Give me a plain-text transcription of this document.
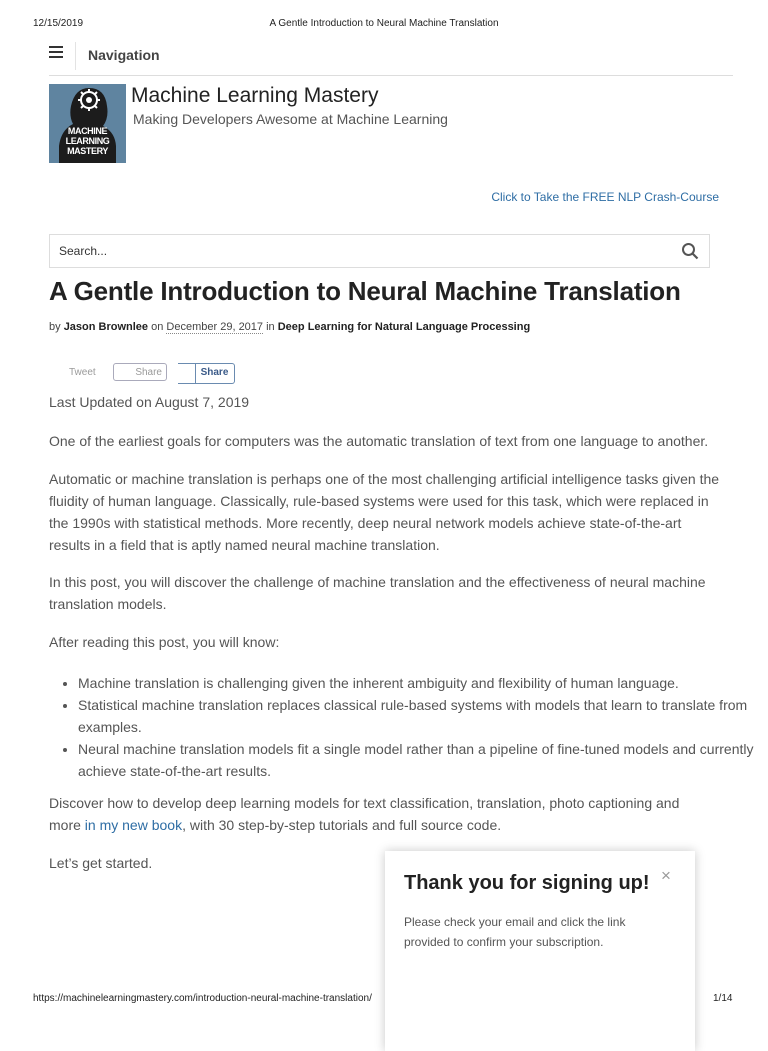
12/15/2019	A Gentle Introduction to Neural Machine Translation
Navigation
MACHINE
LEARNING
MASTERY
Machine Learning Mastery
Making Developers Awesome at Machine Learning
Click to Take the FREE NLP Crash-Course
Search...
A Gentle Introduction to Neural Machine Translation
by Jason Brownlee on December 29, 2017 in Deep Learning for Natural Language Processing
Tweet	Share	Share

Last Updated on August 7, 2019

One of the earliest goals for computers was the automatic translation of text from one language to another.

Automatic or machine translation is perhaps one of the most challenging artificial intelligence tasks given the fluidity of human language. Classically, rule-based systems were used for this task, which were replaced in the 1990s with statistical methods. More recently, deep neural network models achieve state-of-the-art results in a field that is aptly named neural machine translation.

In this post, you will discover the challenge of machine translation and the effectiveness of neural machine translation models.

After reading this post, you will know:

• Machine translation is challenging given the inherent ambiguity and flexibility of human language.
• Statistical machine translation replaces classical rule-based systems with models that learn to translate from examples.
• Neural machine translation models fit a single model rather than a pipeline of fine-tuned models and currently achieve state-of-the-art results.

Discover how to develop deep learning models for text classification, translation, photo captioning and more in my new book, with 30 step-by-step tutorials and full source code.

Let’s get started.

Thank you for signing up! ×
Please check your email and click the link provided to confirm your subscription.
https://machinelearningmastery.com/introduction-neural-machine-translation/	1/14
